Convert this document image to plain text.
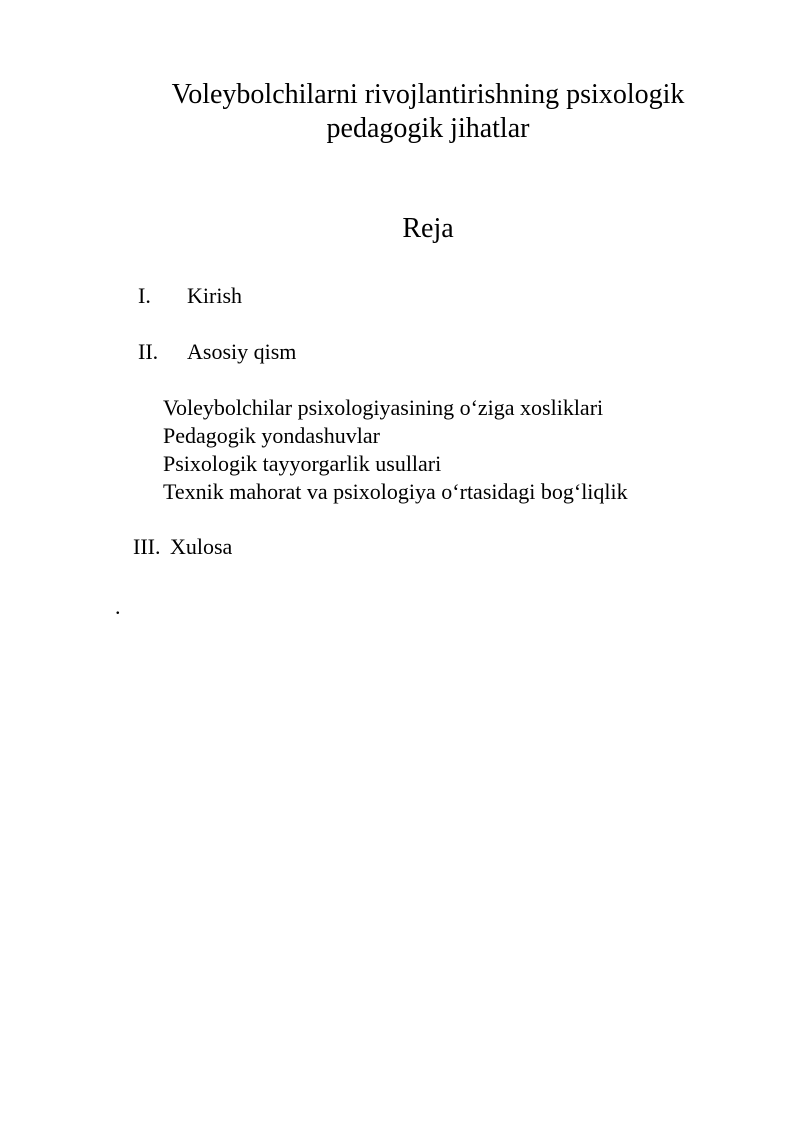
Voleybolchilarni rivojlantirishning psixologik
pedagogik jihatlar
Reja
I. Kirish
II. Asosiy qism
Voleybolchilar psixologiyasining o‘ziga xosliklari
Pedagogik yondashuvlar
Psixologik tayyorgarlik usullari
Texnik mahorat va psixologiya o‘rtasidagi bog‘liqlik
III. Xulosa
.
